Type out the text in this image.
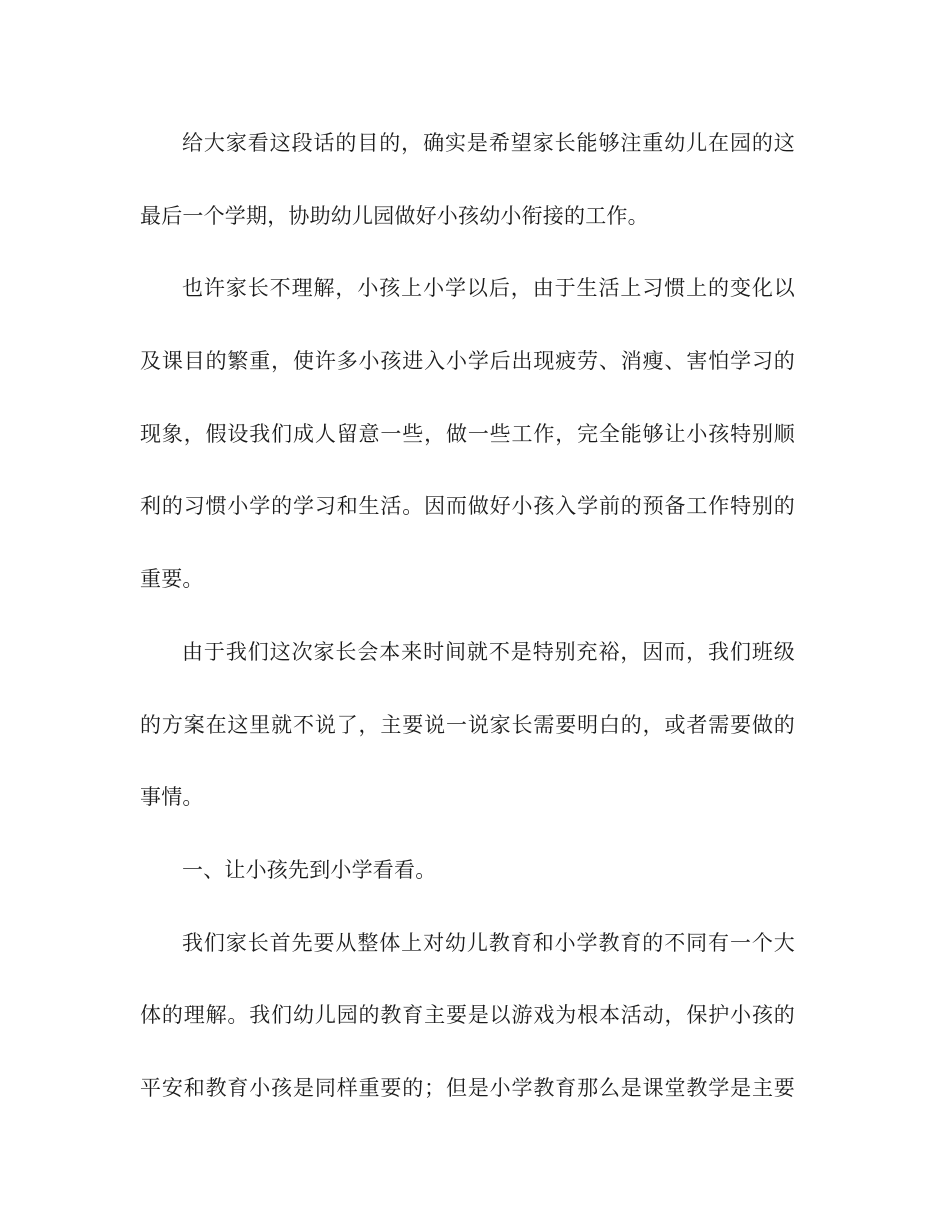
给大家看这段话的目的，确实是希望家长能够注重幼儿在园的这
最后一个学期，协助幼儿园做好小孩幼小衔接的工作。
也许家长不理解，小孩上小学以后，由于生活上习惯上的变化以
及课目的繁重，使许多小孩进入小学后出现疲劳、消瘦、害怕学习的
现象，假设我们成人留意一些，做一些工作，完全能够让小孩特别顺
利的习惯小学的学习和生活。因而做好小孩入学前的预备工作特别的
重要。
由于我们这次家长会本来时间就不是特别充裕，因而，我们班级
的方案在这里就不说了，主要说一说家长需要明白的，或者需要做的
事情。
一、让小孩先到小学看看。
我们家长首先要从整体上对幼儿教育和小学教育的不同有一个大
体的理解。我们幼儿园的教育主要是以游戏为根本活动，保护小孩的
平安和教育小孩是同样重要的；但是小学教育那么是课堂教学是主要
